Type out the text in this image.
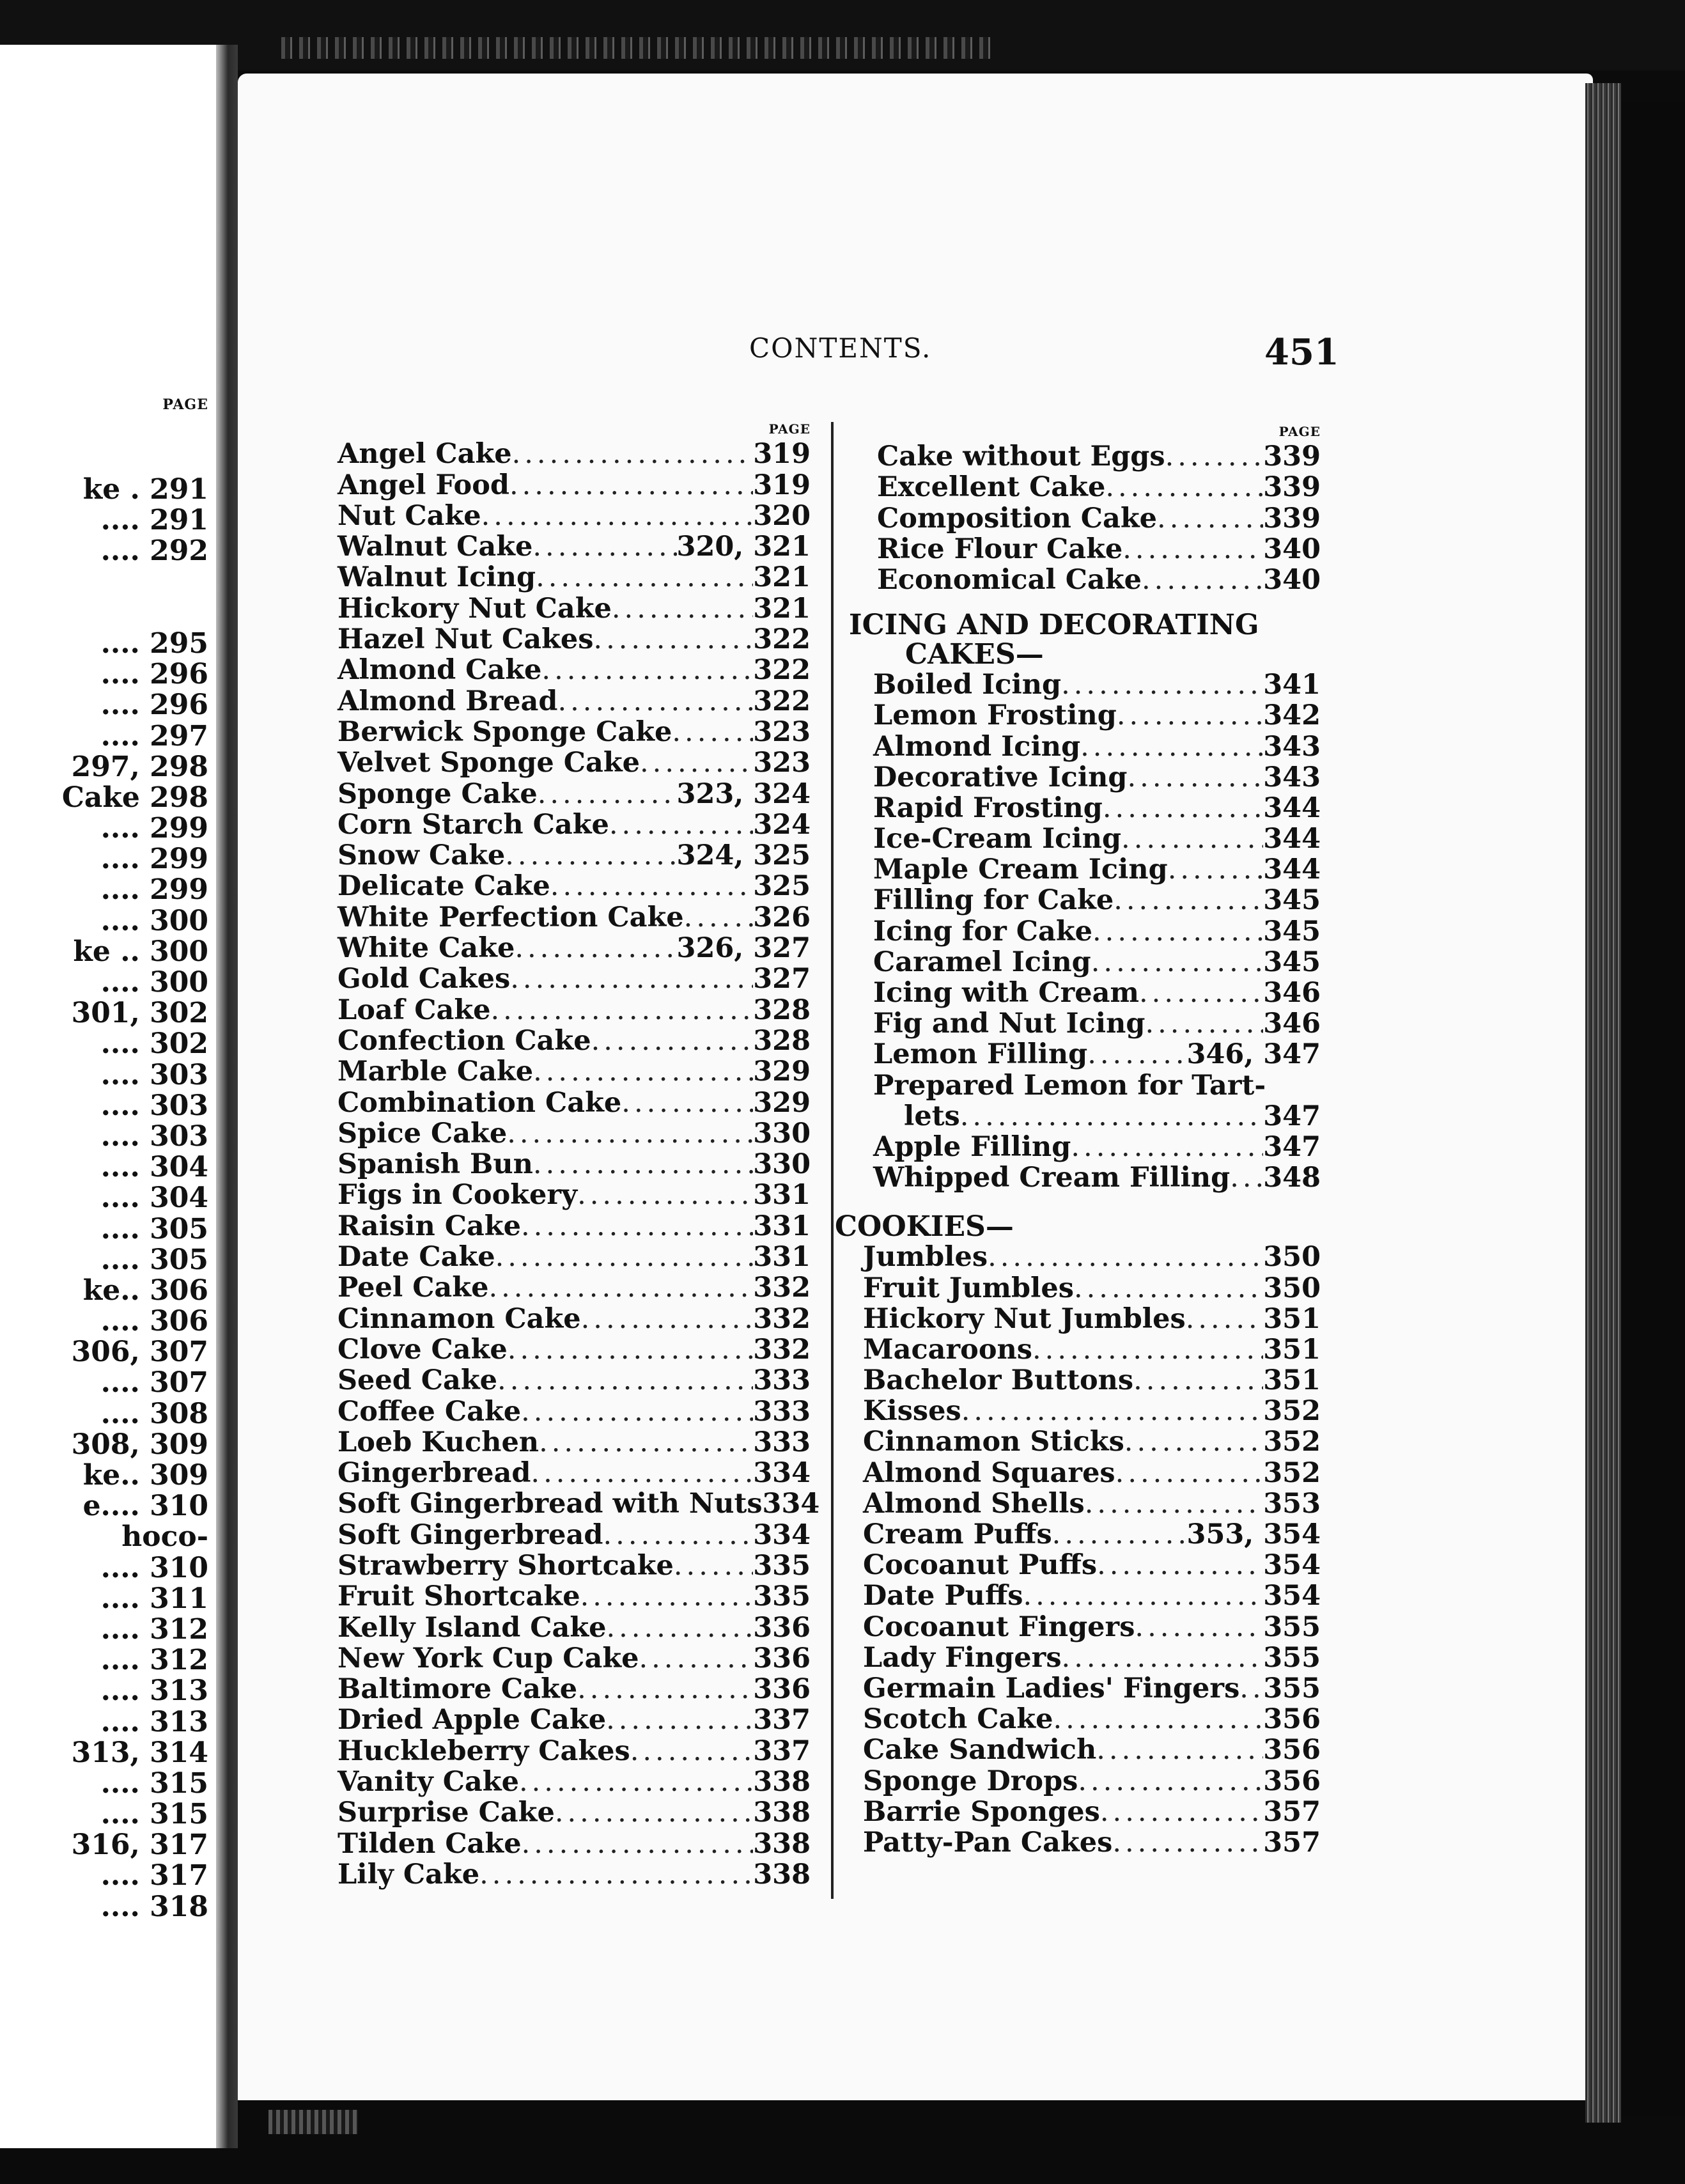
PAGE
ke . 291
.... 291
.... 292
.... 295
.... 296
.... 296
.... 297
297, 298
Cake 298
.... 299
.... 299
.... 299
.... 300
ke .. 300
.... 300
301, 302
.... 302
.... 303
.... 303
.... 303
.... 304
.... 304
.... 305
.... 305
ke.. 306
.... 306
306, 307
.... 307
.... 308
308, 309
ke.. 309
e.... 310
hoco-
.... 310
.... 311
.... 312
.... 312
.... 313
.... 313
313, 314
.... 315
.... 315
316, 317
.... 317
.... 318
CONTENTS.	451
PAGE
Angel Cake .....	319
Angel Food .....	319
Nut Cake .....	320
Walnut Cake .....	320, 321
Walnut Icing .....	321
Hickory Nut Cake .....	321
Hazel Nut Cakes .....	322
Almond Cake .....	322
Almond Bread .....	322
Berwick Sponge Cake .....	323
Velvet Sponge Cake .....	323
Sponge Cake .....	323, 324
Corn Starch Cake .....	324
Snow Cake .....	324, 325
Delicate Cake .....	325
White Perfection Cake .....	326
White Cake .....	326, 327
Gold Cakes .....	327
Loaf Cake .....	328
Confection Cake .....	328
Marble Cake .....	329
Combination Cake .....	329
Spice Cake .....	330
Spanish Bun .....	330
Figs in Cookery .....	331
Raisin Cake .....	331
Date Cake .....	331
Peel Cake .....	332
Cinnamon Cake .....	332
Clove Cake .....	332
Seed Cake .....	333
Coffee Cake .....	333
Loeb Kuchen .....	333
Gingerbread .....	334
Soft Gingerbread with Nuts 334
Soft Gingerbread .....	334
Strawberry Shortcake .....	335
Fruit Shortcake .....	335
Kelly Island Cake .....	336
New York Cup Cake .....	336
Baltimore Cake .....	336
Dried Apple Cake .....	337
Huckleberry Cakes .....	337
Vanity Cake .....	338
Surprise Cake .....	338
Tilden Cake .....	338
Lily Cake .....	338
PAGE
Cake without Eggs .....	339
Excellent Cake .....	339
Composition Cake .....	339
Rice Flour Cake .....	340
Economical Cake .....	340
ICING AND DECORATING
CAKES—
Boiled Icing .....	341
Lemon Frosting .....	342
Almond Icing .....	343
Decorative Icing .....	343
Rapid Frosting .....	344
Ice-Cream Icing .....	344
Maple Cream Icing .....	344
Filling for Cake .....	345
Icing for Cake .....	345
Caramel Icing .....	345
Icing with Cream .....	346
Fig and Nut Icing .....	346
Lemon Filling .....	346, 347
Prepared Lemon for Tart-
lets .....	347
Apple Filling .....	347
Whipped Cream Filling ..... 348
COOKIES—
Jumbles .....	350
Fruit Jumbles .....	350
Hickory Nut Jumbles .....	351
Macaroons .....	351
Bachelor Buttons .....	351
Kisses .....	352
Cinnamon Sticks .....	352
Almond Squares .....	352
Almond Shells .....	353
Cream Puffs .....	353, 354
Cocoanut Puffs .....	354
Date Puffs .....	354
Cocoanut Fingers .....	355
Lady Fingers .....	355
Germain Ladies' Fingers ..... 355
Scotch Cake .....	356
Cake Sandwich .....	356
Sponge Drops .....	356
Barrie Sponges .....	357
Patty-Pan Cakes .....	357
